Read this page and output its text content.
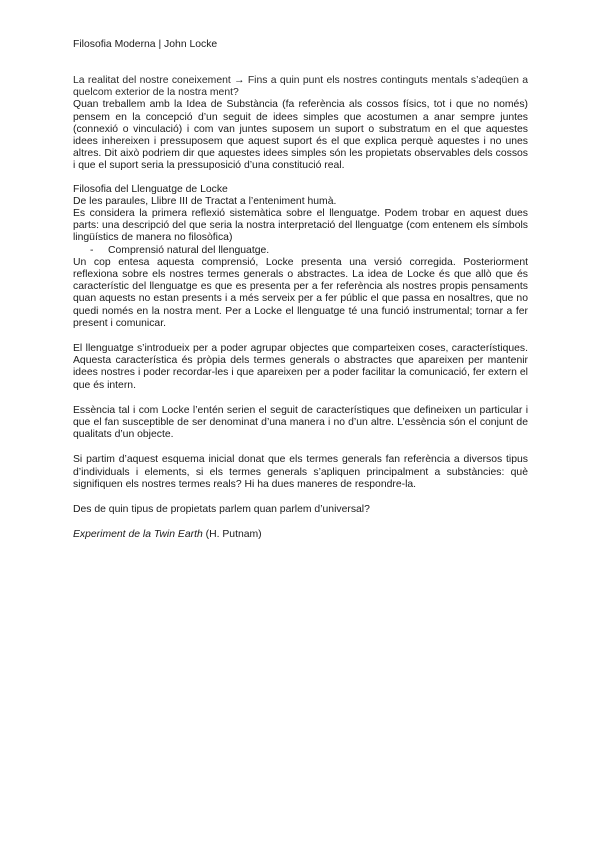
Filosofia Moderna | John Locke

La realitat del nostre coneixement → Fins a quin punt els nostres continguts mentals s’adeqüen a quelcom exterior de la nostra ment?

Quan treballem amb la Idea de Substància (fa referència als cossos físics, tot i que no només) pensem en la concepció d’un seguit de idees simples que acostumen a anar sempre juntes (connexió o vinculació) i com van juntes suposem un suport o substratum en el que aquestes idees inhereixen i pressuposem que aquest suport és el que explica perquè aquestes i no unes altres. Dit això podriem dir que aquestes idees simples són les propietats observables dels cossos i que el suport seria la pressuposició d’una constitució real.

Filosofia del Llenguatge de Locke

De les paraules, Llibre III de Tractat a l’enteniment humà.

Es considera la primera reflexió sistemàtica sobre el llenguatge. Podem trobar en aquest dues parts: una descripció del que seria la nostra interpretació del llenguatge (com entenem els símbols lingüístics de manera no filosòfica)

-	Comprensió natural del llenguatge.

Un cop entesa aquesta comprensió, Locke presenta una versió corregida. Posteriorment reflexiona sobre els nostres termes generals o abstractes. La idea de Locke és que allò que és característic del llenguatge es que es presenta per a fer referència als nostres propis pensaments quan aquests no estan presents i a més serveix per a fer públic el que passa en nosaltres, que no quedi només en la nostra ment. Per a Locke el llenguatge té una funció instrumental; tornar a fer present i comunicar.

El llenguatge s’introdueix per a poder agrupar objectes que comparteixen coses, característiques. Aquesta característica és pròpia dels termes generals o abstractes que apareixen per mantenir idees nostres i poder recordar-les i que apareixen per a poder facilitar la comunicació, fer extern el que és intern.

Essència tal i com Locke l’entén serien el seguit de característiques que defineixen un particular i que el fan susceptible de ser denominat d’una manera i no d’un altre. L’essència són el conjunt de qualitats d’un objecte.

Si partim d’aquest esquema inicial donat que els termes generals fan referència a diversos tipus d’individuals i elements, si els termes generals s’apliquen principalment a substàncies: què signifiquen els nostres termes reals? Hi ha dues maneres de respondre-la.

Des de quin tipus de propietats parlem quan parlem d’universal?

Experiment de la Twin Earth (H. Putnam)
